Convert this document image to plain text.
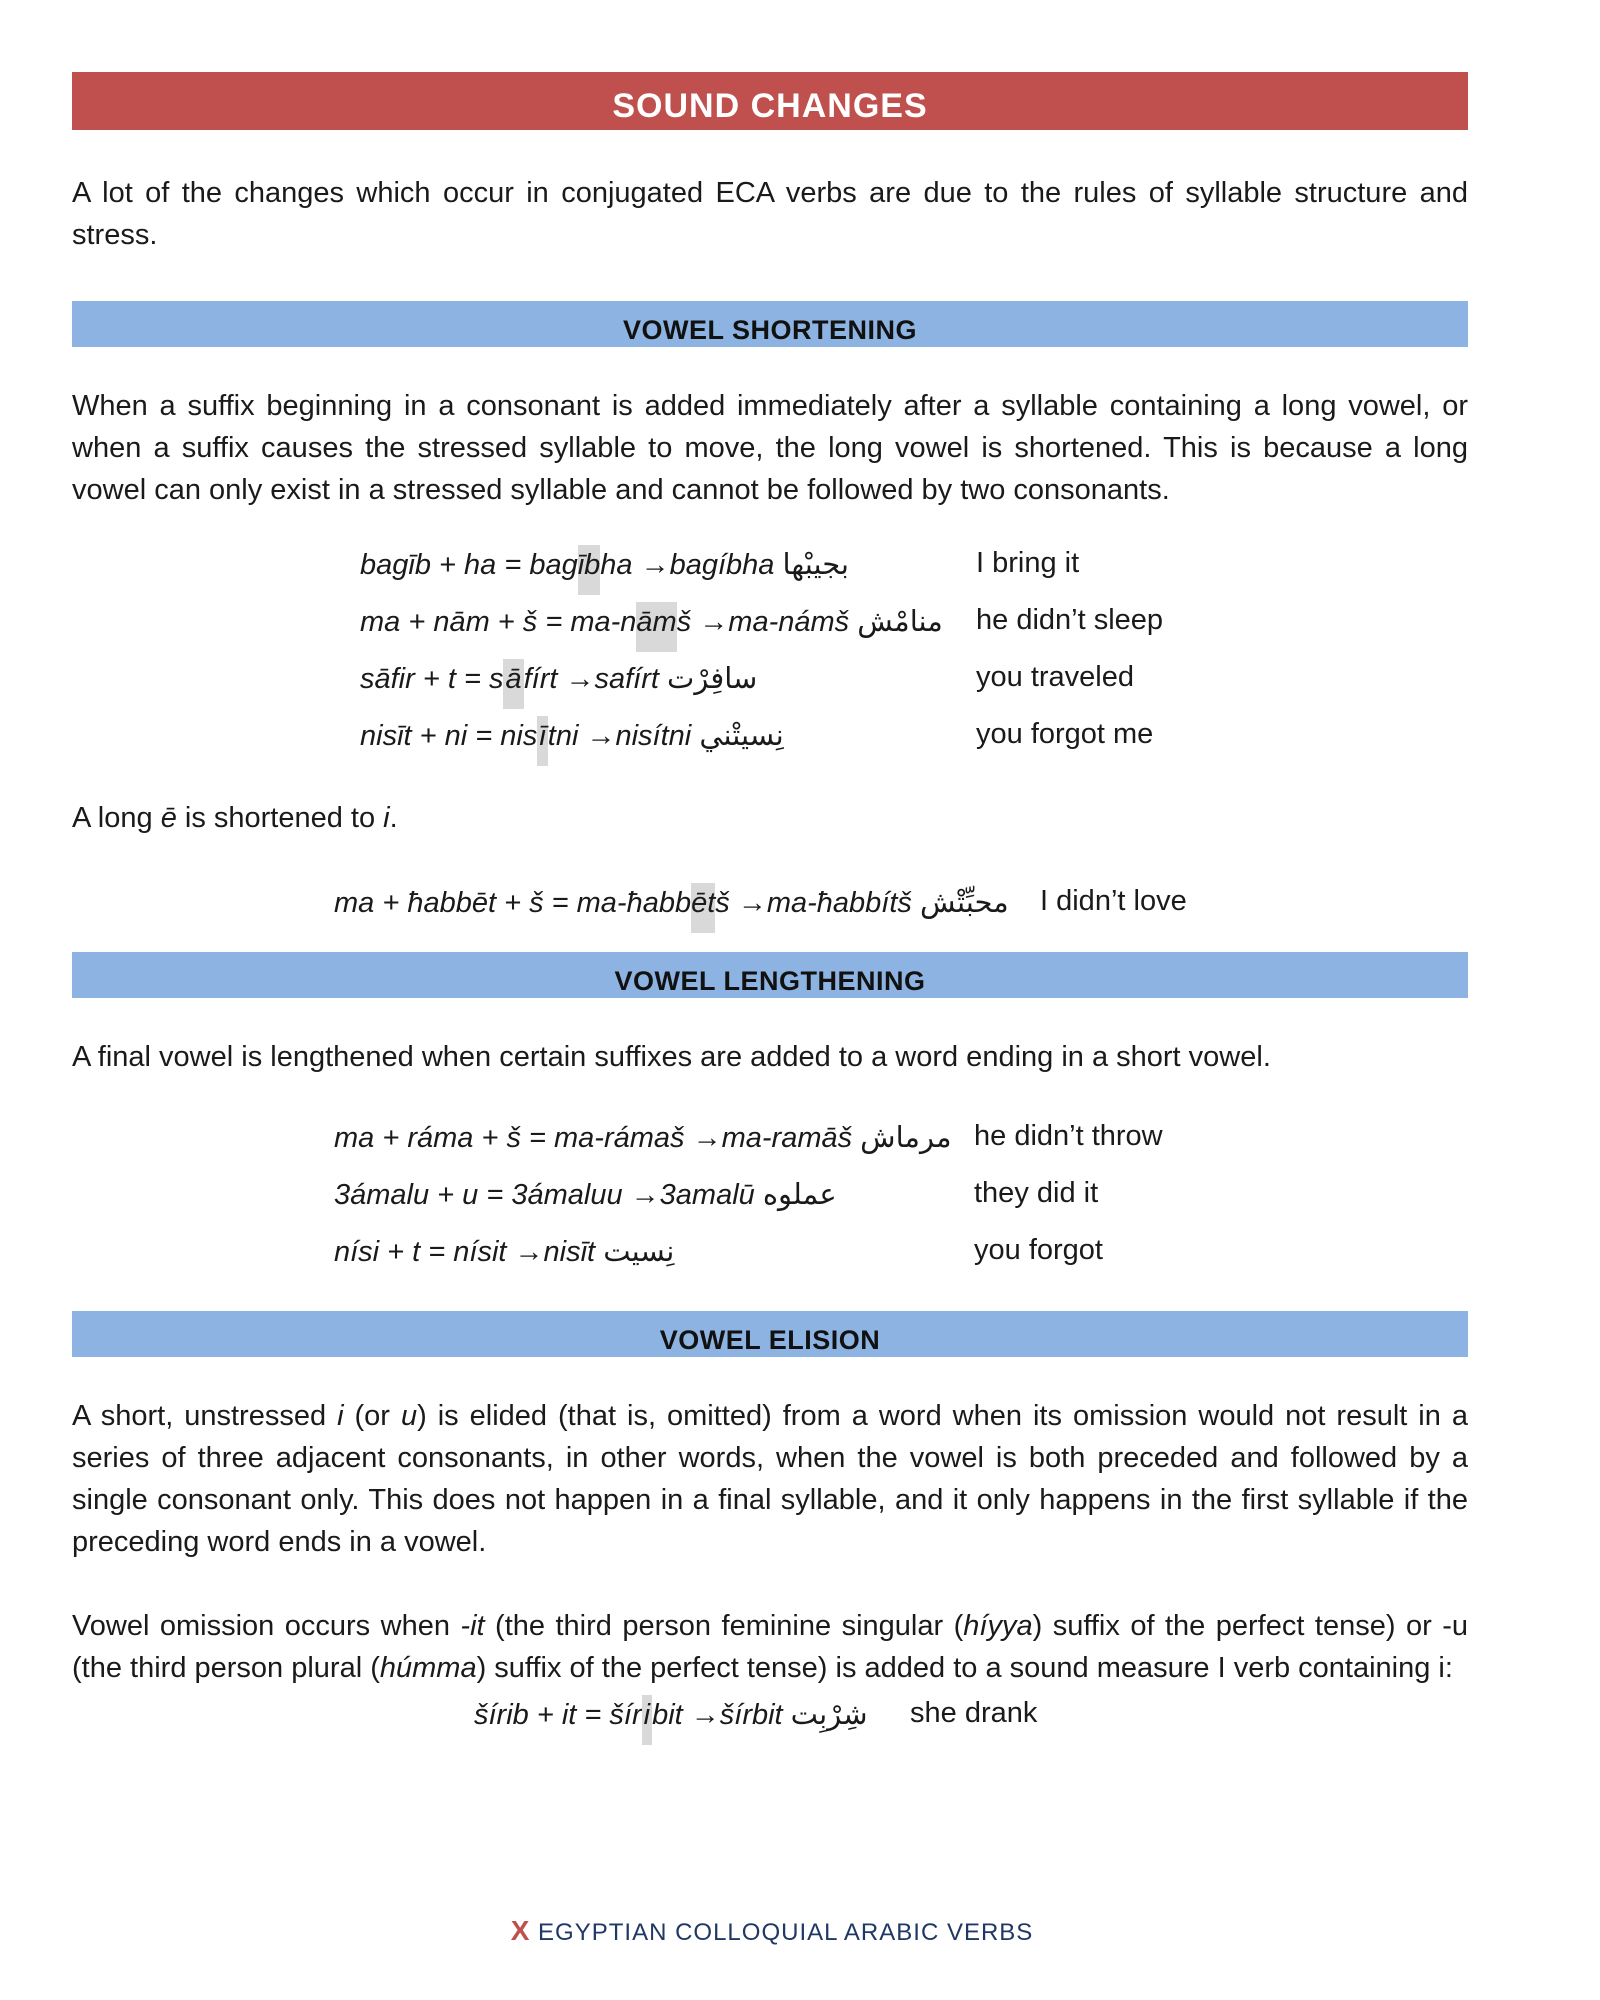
SOUND CHANGES

A lot of the changes which occur in conjugated ECA verbs are due to the rules of syllable structure and stress.

VOWEL SHORTENING

When a suffix beginning in a consonant is added immediately after a syllable containing a long vowel, or when a suffix causes the stressed syllable to move, the long vowel is shortened. This is because a long vowel can only exist in a stressed syllable and cannot be followed by two consonants.

bagīb + ha = bagībha →bagíbha بجيبْها	I bring it
ma + nām + š = ma-nāmš →ma-námš منامْش he didn’t sleep
sāfir + t = sāfírt →safírt سافِرْت	you traveled
nisīt + ni = nisītni →nisítni نِسيتْني	you forgot me

A long ē is shortened to i.

ma + ħabbēt + š = ma-ħabbētš →ma-ħabbítš محبِّتْش I didn’t love
VOWEL LENGTHENING

A final vowel is lengthened when certain suffixes are added to a word ending in a short vowel.

ma + ráma + š = ma-rámaš →ma-ramāš مرماش he didn’t throw
3ámalu + u = 3ámaluu →3amalū عملوه	they did it
nísi + t = nísit →nisīt نِسيت	you forgot
VOWEL ELISION

A short, unstressed i (or u) is elided (that is, omitted) from a word when its omission would not result in a series of three adjacent consonants, in other words, when the vowel is both preceded and followed by a single consonant only. This does not happen in a final syllable, and it only happens in the first syllable if the preceding word ends in a vowel.

Vowel omission occurs when -it (the third person feminine singular (híyya) suffix of the perfect tense) or -u (the third person plural (húmma) suffix of the perfect tense) is added to a sound measure I verb containing i:

šírib + it = šíribit →šírbit شِرْبِت she drank
X EGYPTIAN COLLOQUIAL ARABIC VERBS
